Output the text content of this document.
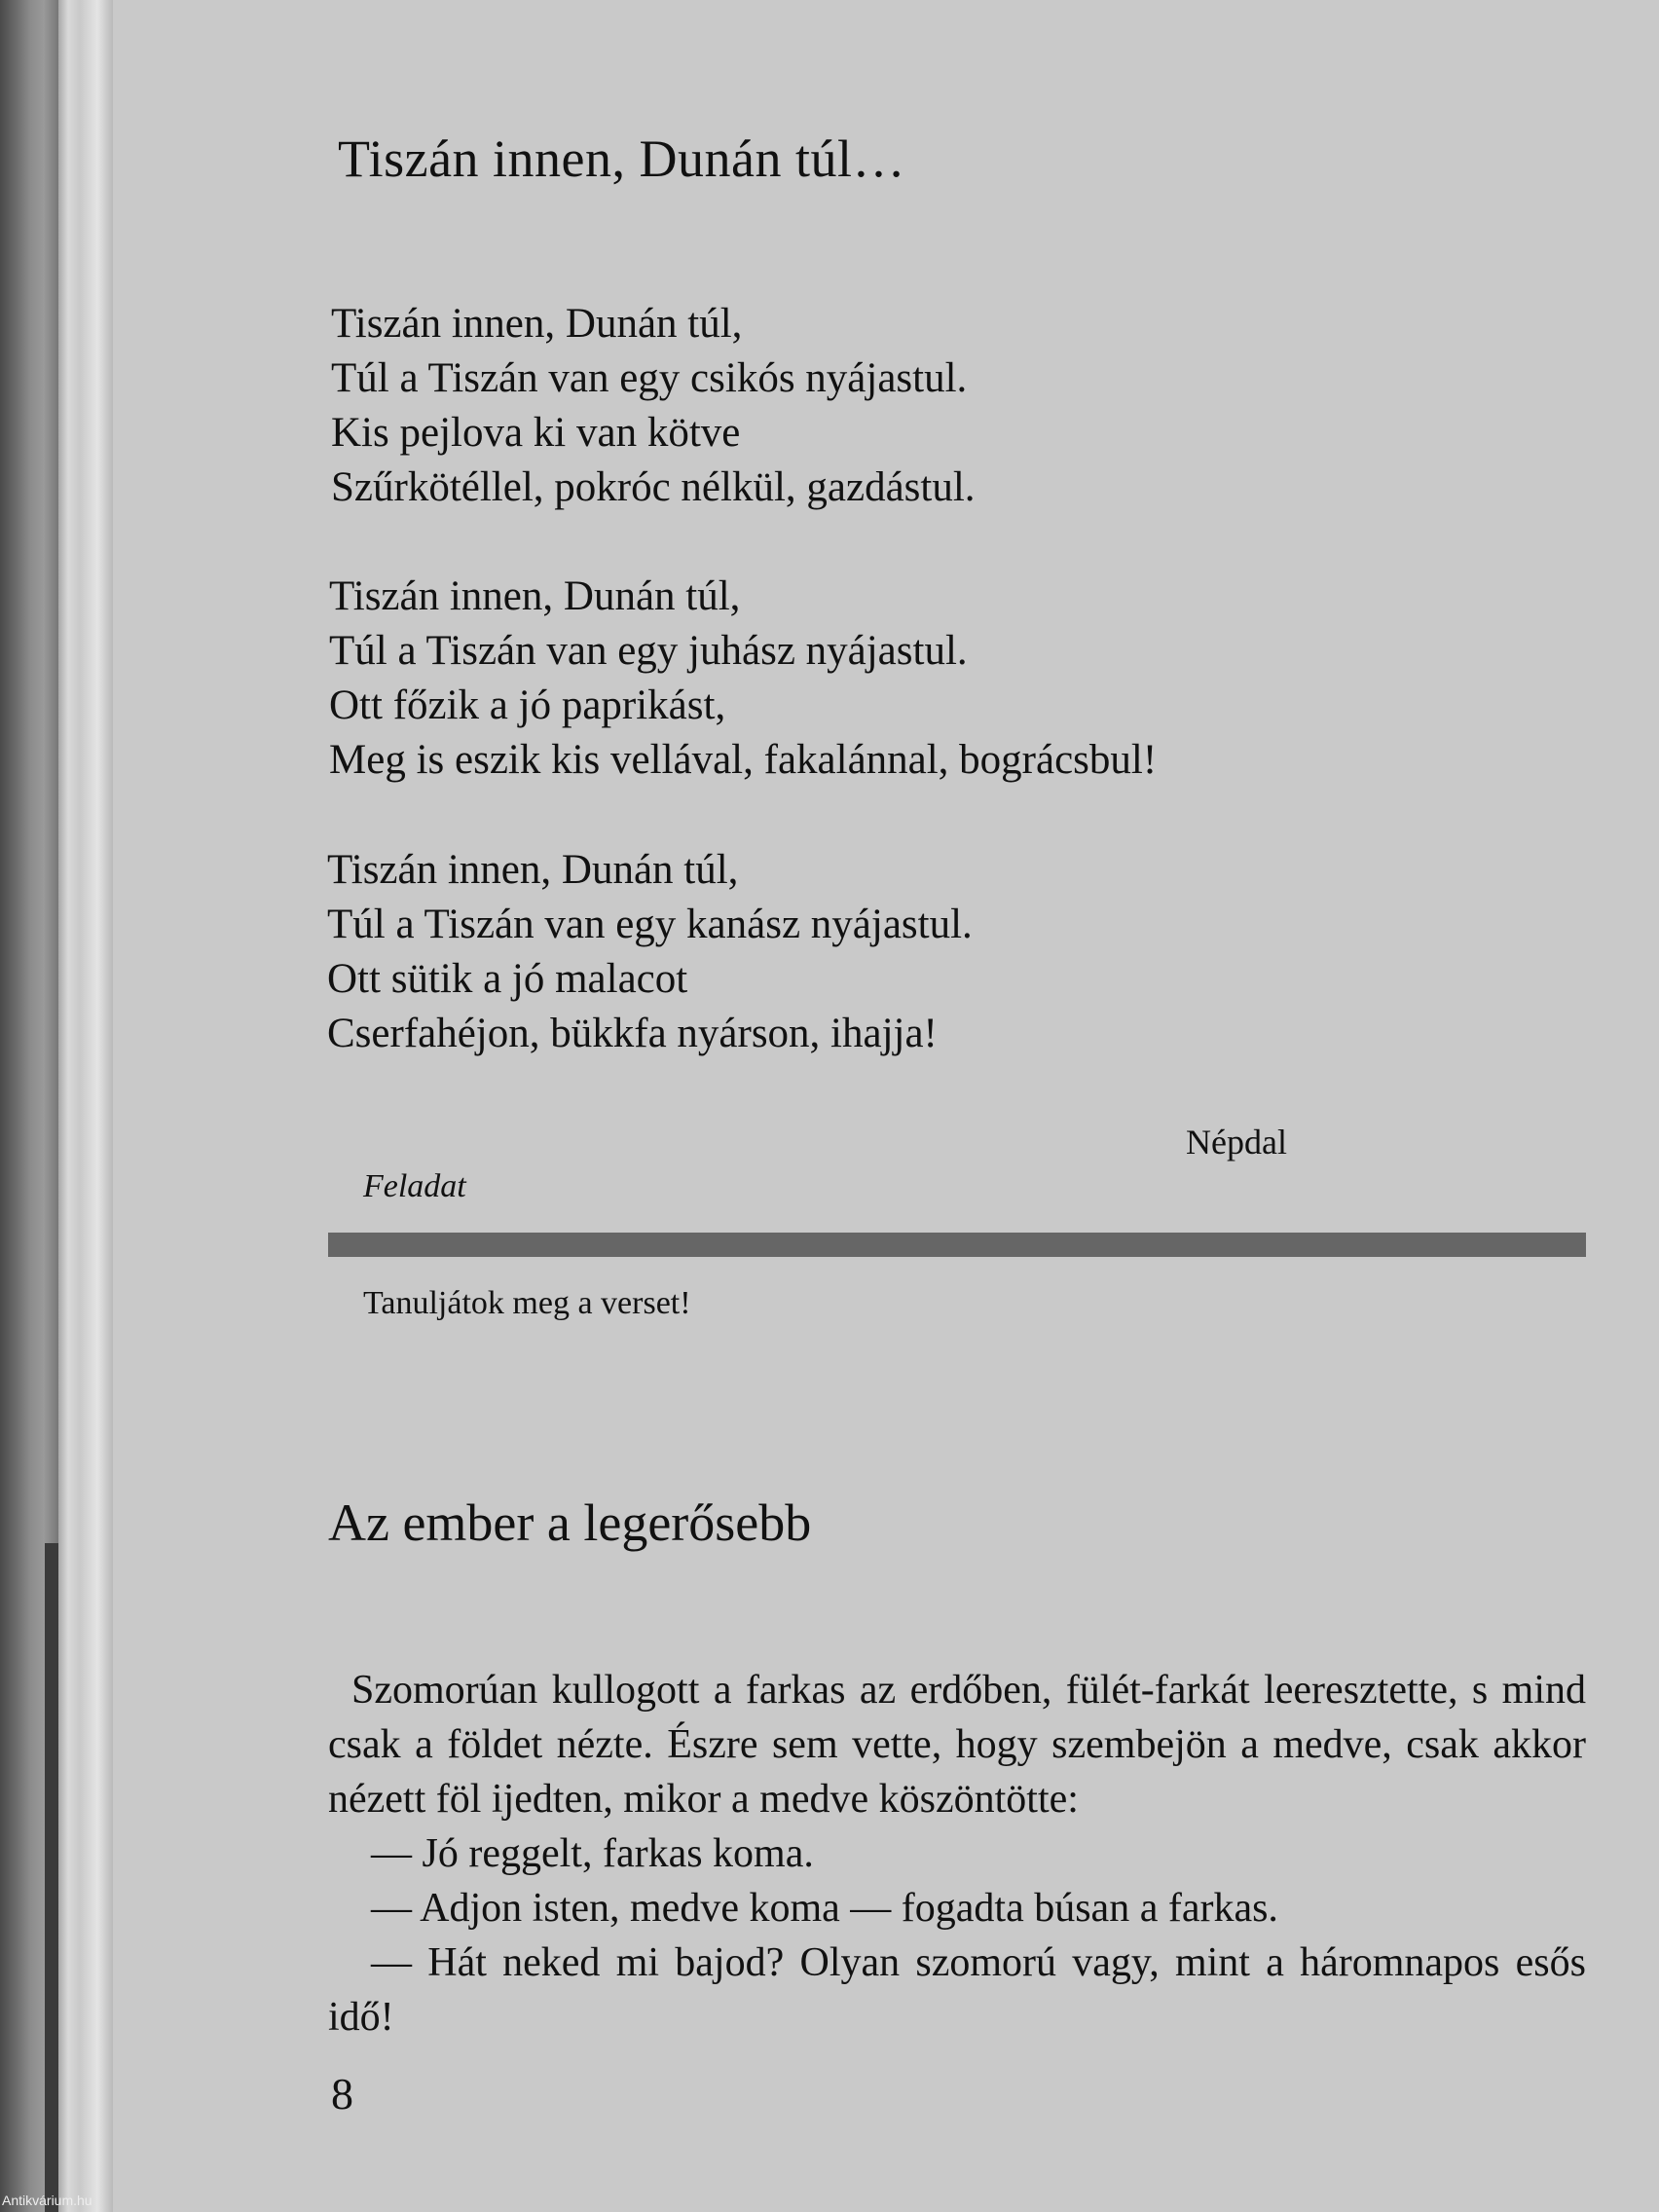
Tiszán innen, Dunán túl…
Tiszán innen, Dunán túl,
Túl a Tiszán van egy csikós nyájastul.
Kis pejlova ki van kötve
Szűrkötéllel, pokróc nélkül, gazdástul.
Tiszán innen, Dunán túl,
Túl a Tiszán van egy juhász nyájastul.
Ott főzik a jó paprikást,
Meg is eszik kis vellával, fakalánnal, bográcsbul!
Tiszán innen, Dunán túl,
Túl a Tiszán van egy kanász nyájastul.
Ott sütik a jó malacot
Cserfahéjon, bükkfa nyárson, ihajja!
Népdal
Feladat
Tanuljátok meg a verset!
Az ember a legerősebb

Szomorúan kullogott a farkas az erdőben, fülét-farkát leeresztette, s mind csak a földet nézte. Észre sem vette, hogy szembejön a medve, csak akkor nézett föl ijedten, mikor a medve köszöntötte:

— Jó reggelt, farkas koma.

— Adjon isten, medve koma — fogadta búsan a farkas.

— Hát neked mi bajod? Olyan szomorú vagy, mint a háromnapos esős idő!

8
Antikvárium.hu
